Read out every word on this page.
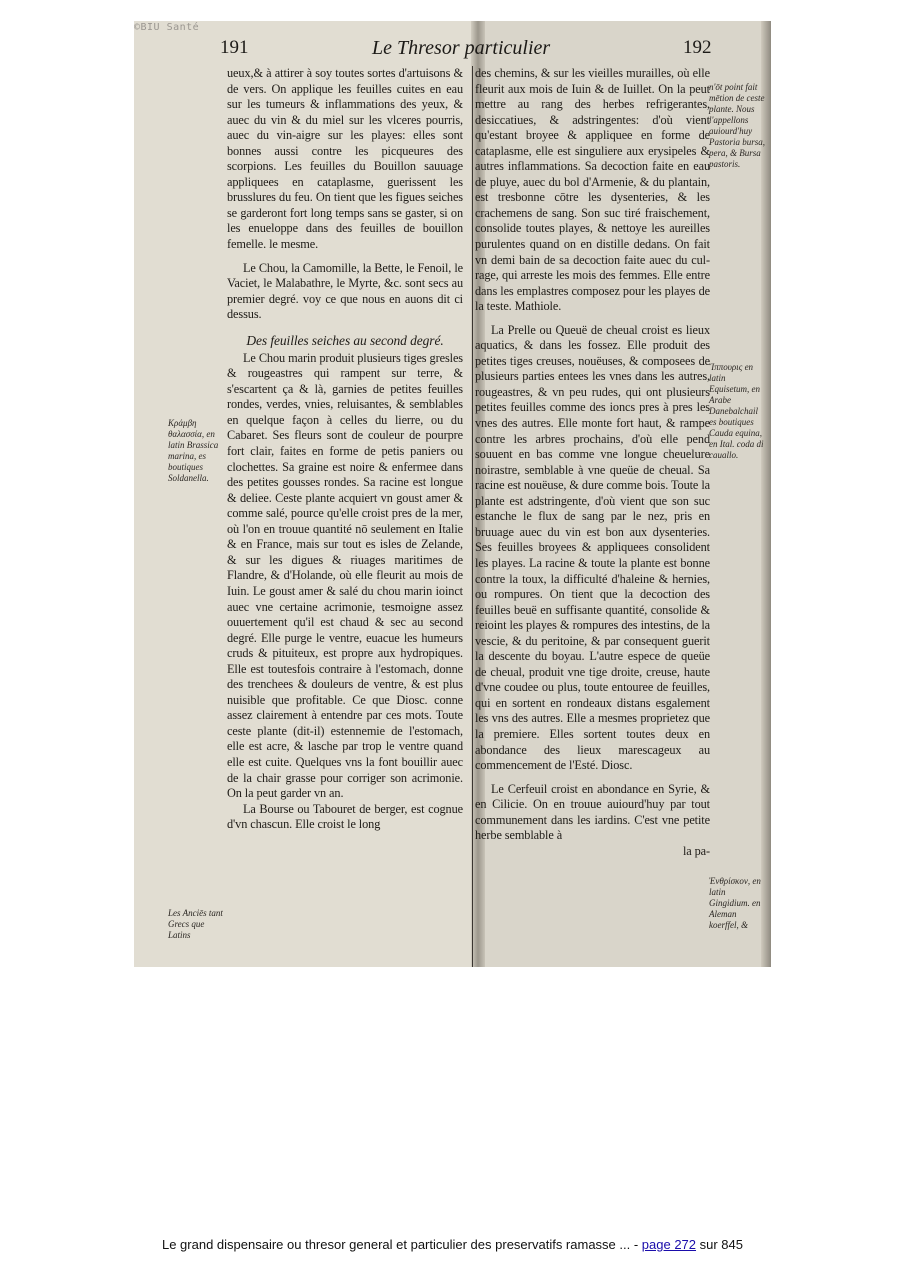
©BIU Santé
191	Le Thresor particulier	192

ueux,& à attirer à soy toutes sortes d'artuisons & de vers. On applique les feuilles cuites en eau sur les tumeurs & inflammations des yeux, & auec du vin & du miel sur les vlceres pourris, auec du vin-aigre sur les playes: elles sont bonnes aussi contre les picqueures des scorpions. Les feuilles du Bouillon sauuage appliquees en cataplasme, guerissent les brusslures du feu. On tient que les figues seiches se garderont fort long temps sans se gaster, si on les enueloppe dans des feuilles de bouillon femelle. le mesme.

Le Chou, la Camomille, la Bette, le Fenoil, le Vaciet, le Malabathre, le Myrte, &c. sont secs au premier degré. voy ce que nous en auons dit ci dessus.

Des feuilles seiches au second degré.

Le Chou marin produit plusieurs tiges gresles & rougeastres qui rampent sur terre, & s'escartent ça & là, garnies de petites feuilles rondes, verdes, vnies, reluisantes, & semblables en quelque façon à celles du lierre, ou du Cabaret. Ses fleurs sont de couleur de pourpre fort clair, faites en forme de petis paniers ou clochettes. Sa graine est noire & enfermee dans des petites gousses rondes. Sa racine est longue & deliee. Ceste plante acquiert vn goust amer & comme salé, pource qu'elle croist pres de la mer, où l'on en trouue quantité nō seulement en Italie & en France, mais sur tout es isles de Zelande, & sur les digues & riuages maritimes de Flandre, & d'Holande, où elle fleurit au mois de Iuin. Le goust amer & salé du chou marin ioinct auec vne certaine acrimonie, tesmoigne assez ouuertement qu'il est chaud & sec au second degré. Elle purge le ventre, euacue les humeurs cruds & pituiteux, est propre aux hydropiques. Elle est toutesfois contraire à l'estomach, donne des trenchees & douleurs de ventre, & est plus nuisible que profitable. Ce que Diosc. conne assez clairement à entendre par ces mots. Toute ceste plante (dit-il) estennemie de l'estomach, elle est acre, & lasche par trop le ventre quand elle est cuite. Quelques vns la font bouillir auec de la chair grasse pour corriger son acrimonie. On la peut garder vn an.

La Bourse ou Tabouret de berger, est cognue d'vn chascun. Elle croist le long

des chemins, & sur les vieilles murailles, où elle fleurit aux mois de Iuin & de Iuillet. On la peut mettre au rang des herbes refrigerantes, desiccatiues, & adstringentes: d'où vient qu'estant broyee & appliquee en forme de cataplasme, elle est singuliere aux erysipeles & autres inflammations. Sa decoction faite en eau de pluye, auec du bol d'Armenie, & du plantain, est tresbonne cōtre les dysenteries, & les crachemens de sang. Son suc tiré fraischement, consolide toutes playes, & nettoye les aureilles purulentes quand on en distille dedans. On fait vn demi bain de sa decoction faite auec du cul-rage, qui arreste les mois des femmes. Elle entre dans les emplastres composez pour les playes de la teste. Mathiole.

La Prelle ou Queuë de cheual croist es lieux aquatics, & dans les fossez. Elle produit des petites tiges creuses, nouëuses, & composees de plusieurs parties entees les vnes dans les autres, rougeastres, & vn peu rudes, qui ont plusieurs petites feuilles comme des ioncs pres à pres les vnes des autres. Elle monte fort haut, & rampe contre les arbres prochains, d'où elle pend souuent en bas comme vne longue cheuelure noirastre, semblable à vne queüe de cheual. Sa racine est nouëuse, & dure comme bois. Toute la plante est adstringente, d'où vient que son suc estanche le flux de sang par le nez, pris en bruuage auec du vin est bon aux dysenteries. Ses feuilles broyees & appliquees consolident les playes. La racine & toute la plante est bonne contre la toux, la difficulté d'haleine & hernies, ou rompures. On tient que la decoction des feuilles beuë en suffisante quantité, consolide & reioint les playes & rompures des intestins, de la vescie, & du peritoine, & par consequent guerit la descente du boyau. L'autre espece de queüe de cheual, produit vne tige droite, creuse, haute d'vne coudee ou plus, toute entouree de feuilles, qui en sortent en rondeaux distans esgalement les vns des autres. Elle a mesmes proprietez que la premiere. Elles sortent toutes deux en abondance des lieux marescageux au commencement de l'Esté. Diosc.

Le Cerfeuil croist en abondance en Syrie, & en Cilicie. On en trouue auiourd'huy par tout communement dans les iardins. C'est vne petite herbe semblable à

la pa-

Κράμβη θαλασσία, en latin Brassica marina, es boutiques Soldanella.
Les Anciēs tant Grecs que Latins
n'ōt point fait mētion de ceste plante. Nous l'appellons auiourd'huy Pastoria bursa, pera, & Bursa pastoris.
Ἵππουρις en latin Equisetum, en Arabe Danebalchail es boutiques Cauda equina, en Ital. coda di cauallo.
Ἐνθρίσκον, en latin Gingidium. en Aleman koerffel, &
Le grand dispensaire ou thresor general et particulier des preservatifs ramasse ... - page 272 sur 845
